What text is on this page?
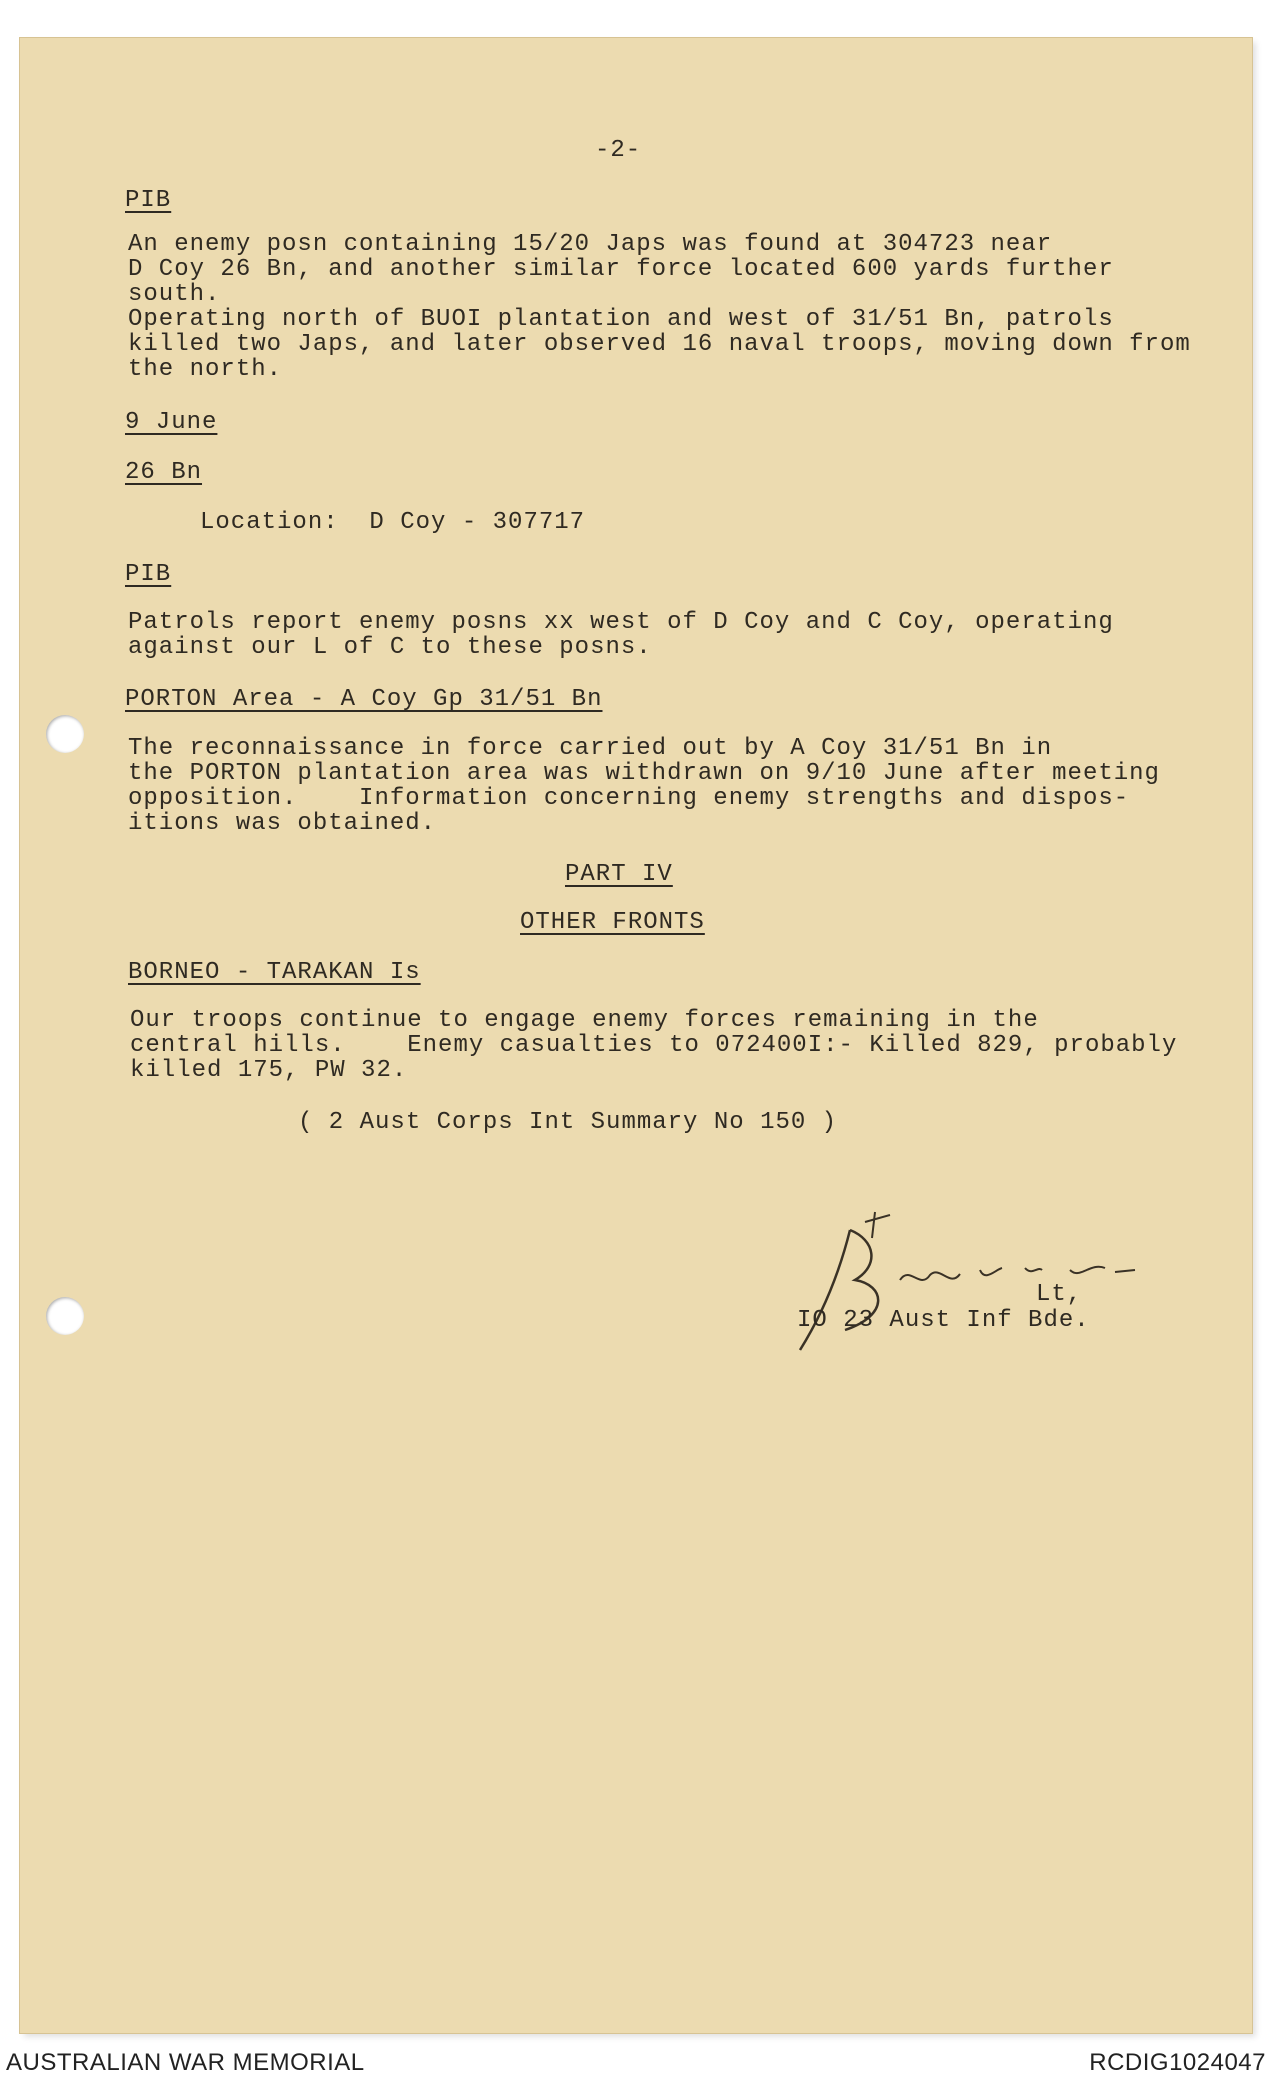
-2-

PIB

An enemy posn containing 15/20 Japs was found at 304723 near
D Coy 26 Bn, and another similar force located 600 yards further
south.

Operating north of BUOI plantation and west of 31/51 Bn, patrols
killed two Japs, and later observed 16 naval troops, moving down from
the north.

9 June

26 Bn

Location:  D Coy - 307717

PIB

Patrols report enemy posns xx west of D Coy and C Coy, operating
against our L of C to these posns.

PORTON Area - A Coy Gp 31/51 Bn

The reconnaissance in force carried out by A Coy 31/51 Bn in
the PORTON plantation area was withdrawn on 9/10 June after meeting
opposition.    Information concerning enemy strengths and dispos-
itions was obtained.

PART IV

OTHER FRONTS

BORNEO - TARAKAN Is

Our troops continue to engage enemy forces remaining in the
central hills.    Enemy casualties to 072400I:- Killed 829, probably
killed 175, PW 32.

( 2 Aust Corps Int Summary No 150 )

Lt,

IO 23 Aust Inf Bde.

AUSTRALIAN WAR MEMORIAL	RCDIG1024047
